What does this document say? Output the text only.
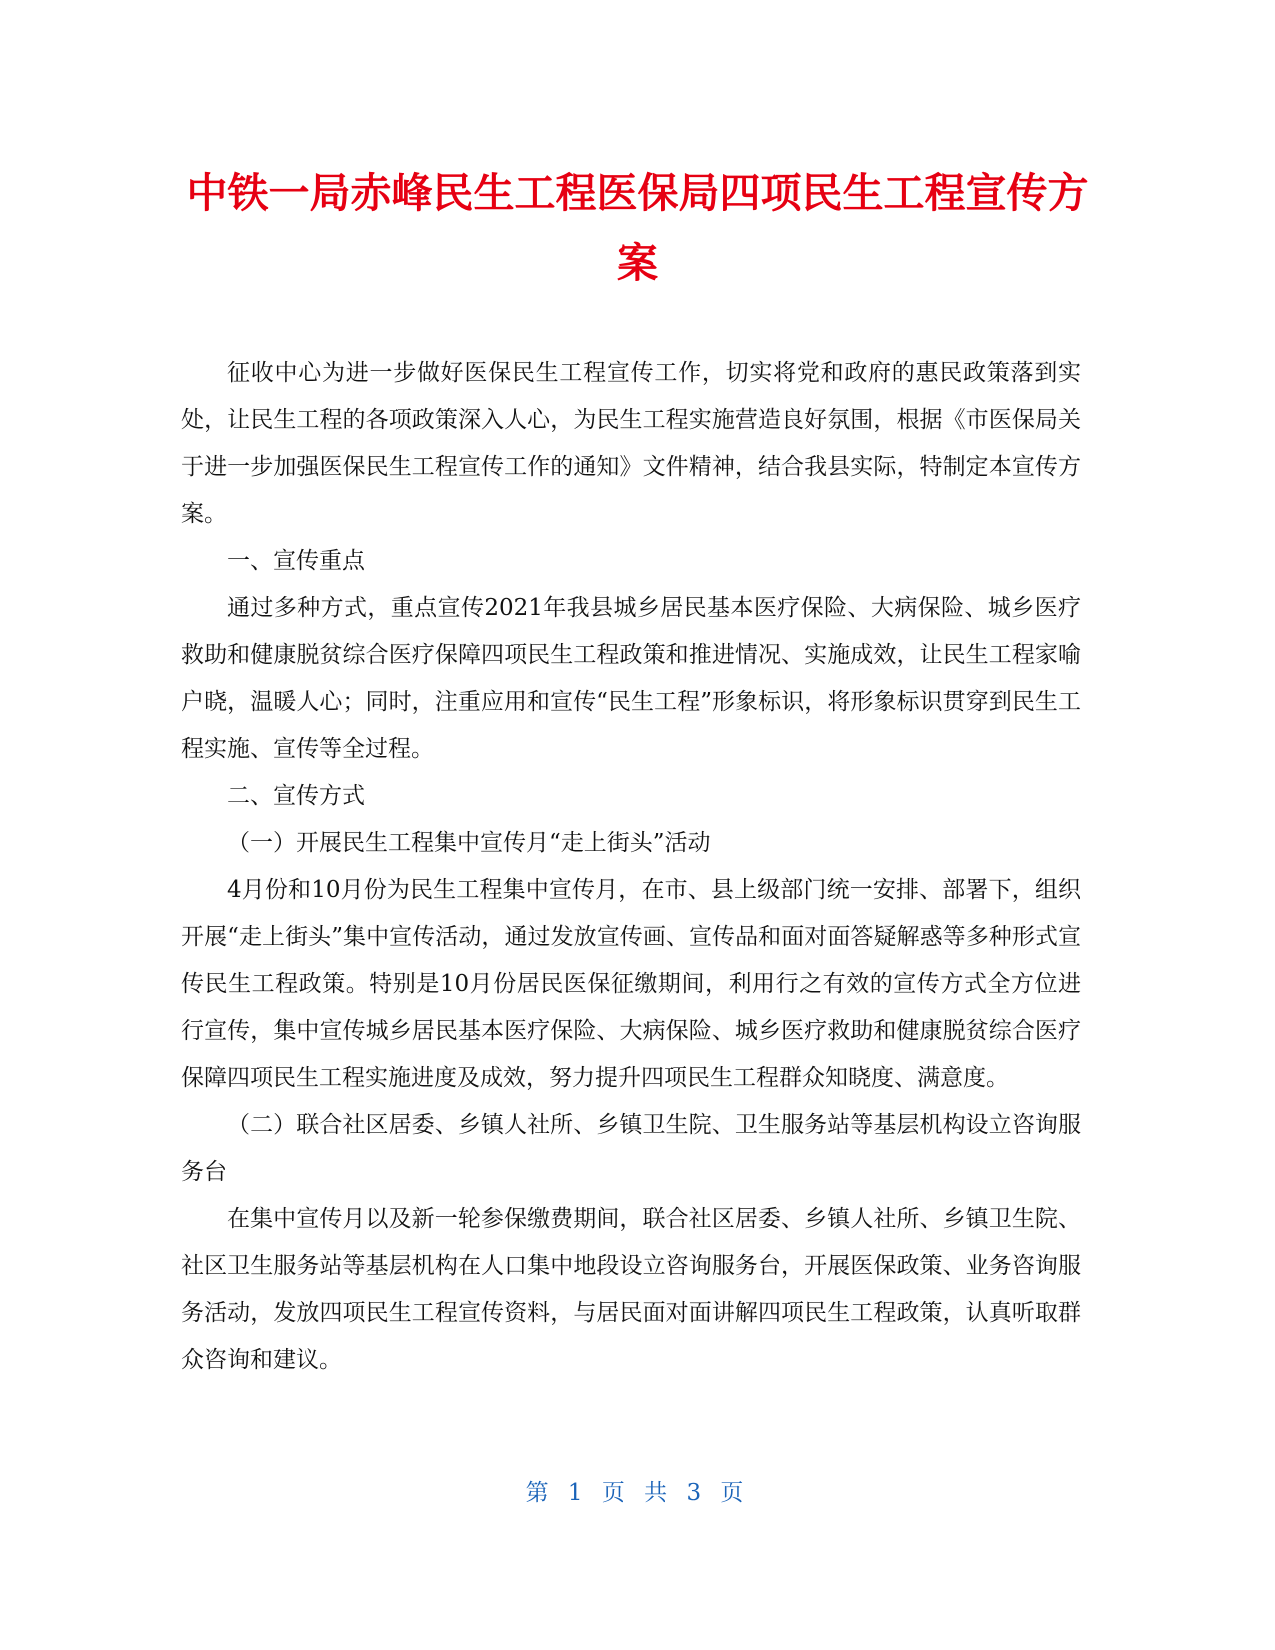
中铁一局赤峰民生工程医保局四项民生工程宣传方案

征收中心为进一步做好医保民生工程宣传工作，切实将党和政府的惠民政策落到实处，让民生工程的各项政策深入人心，为民生工程实施营造良好氛围，根据《市医保局关于进一步加强医保民生工程宣传工作的通知》文件精神，结合我县实际，特制定本宣传方案。

一、宣传重点

通过多种方式，重点宣传2021年我县城乡居民基本医疗保险、大病保险、城乡医疗救助和健康脱贫综合医疗保障四项民生工程政策和推进情况、实施成效，让民生工程家喻户晓，温暖人心；同时，注重应用和宣传“民生工程”形象标识，将形象标识贯穿到民生工程实施、宣传等全过程。

二、宣传方式

（一）开展民生工程集中宣传月“走上街头”活动

4月份和10月份为民生工程集中宣传月，在市、县上级部门统一安排、部署下，组织开展“走上街头”集中宣传活动，通过发放宣传画、宣传品和面对面答疑解惑等多种形式宣传民生工程政策。特别是10月份居民医保征缴期间，利用行之有效的宣传方式全方位进行宣传，集中宣传城乡居民基本医疗保险、大病保险、城乡医疗救助和健康脱贫综合医疗保障四项民生工程实施进度及成效，努力提升四项民生工程群众知晓度、满意度。

（二）联合社区居委、乡镇人社所、乡镇卫生院、卫生服务站等基层机构设立咨询服务台

在集中宣传月以及新一轮参保缴费期间，联合社区居委、乡镇人社所、乡镇卫生院、社区卫生服务站等基层机构在人口集中地段设立咨询服务台，开展医保政策、业务咨询服务活动，发放四项民生工程宣传资料，与居民面对面讲解四项民生工程政策，认真听取群众咨询和建议。

第 1 页 共 3 页
